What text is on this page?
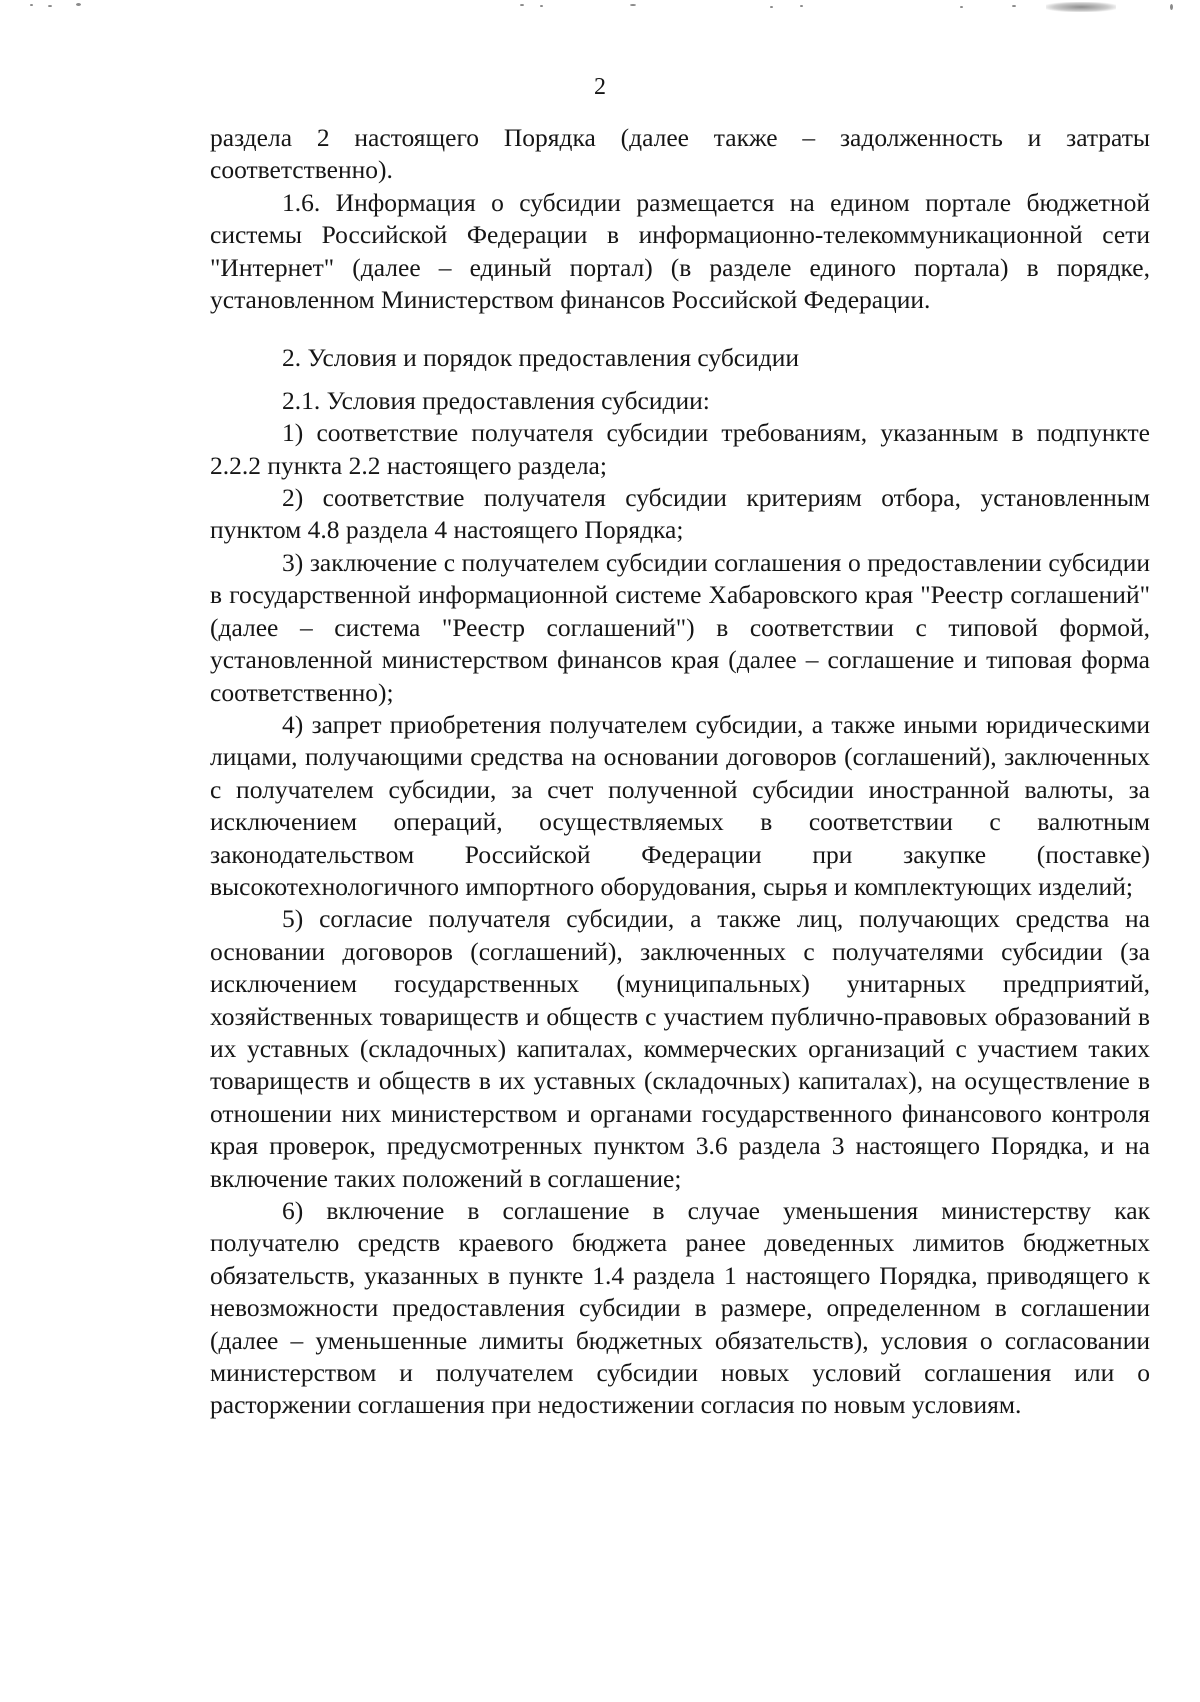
2

раздела 2 настоящего Порядка (далее также – задолженность и затраты соответственно).

1.6. Информация о субсидии размещается на едином портале бюджетной системы Российской Федерации в информационно-телекоммуникационной сети "Интернет" (далее – единый портал) (в разделе единого портала) в порядке, установленном Министерством финансов Российской Федерации.

2. Условия и порядок предоставления субсидии

2.1. Условия предоставления субсидии:

1) соответствие получателя субсидии требованиям, указанным в подпункте 2.2.2 пункта 2.2 настоящего раздела;

2) соответствие получателя субсидии критериям отбора, установленным пунктом 4.8 раздела 4 настоящего Порядка;

3) заключение с получателем субсидии соглашения о предоставлении субсидии в государственной информационной системе Хабаровского края "Реестр соглашений" (далее – система "Реестр соглашений") в соответствии с типовой формой, установленной министерством финансов края (далее – соглашение и типовая форма соответственно);

4) запрет приобретения получателем субсидии, а также иными юридическими лицами, получающими средства на основании договоров (соглашений), заключенных с получателем субсидии, за счет полученной субсидии иностранной валюты, за исключением операций, осуществляемых в соответствии с валютным законодательством Российской Федерации при закупке (поставке) высокотехнологичного импортного оборудования, сырья и комплектующих изделий;

5) согласие получателя субсидии, а также лиц, получающих средства на основании договоров (соглашений), заключенных с получателями субсидии (за исключением государственных (муниципальных) унитарных предприятий, хозяйственных товариществ и обществ с участием публично-правовых образований в их уставных (складочных) капиталах, коммерческих организаций с участием таких товариществ и обществ в их уставных (складочных) капиталах), на осуществление в отношении них министерством и органами государственного финансового контроля края проверок, предусмотренных пунктом 3.6 раздела 3 настоящего Порядка, и на включение таких положений в соглашение;

6) включение в соглашение в случае уменьшения министерству как получателю средств краевого бюджета ранее доведенных лимитов бюджетных обязательств, указанных в пункте 1.4 раздела 1 настоящего Порядка, приводящего к невозможности предоставления субсидии в размере, определенном в соглашении (далее – уменьшенные лимиты бюджетных обязательств), условия о согласовании министерством и получателем субсидии новых условий соглашения или о расторжении соглашения при недостижении согласия по новым условиям.
